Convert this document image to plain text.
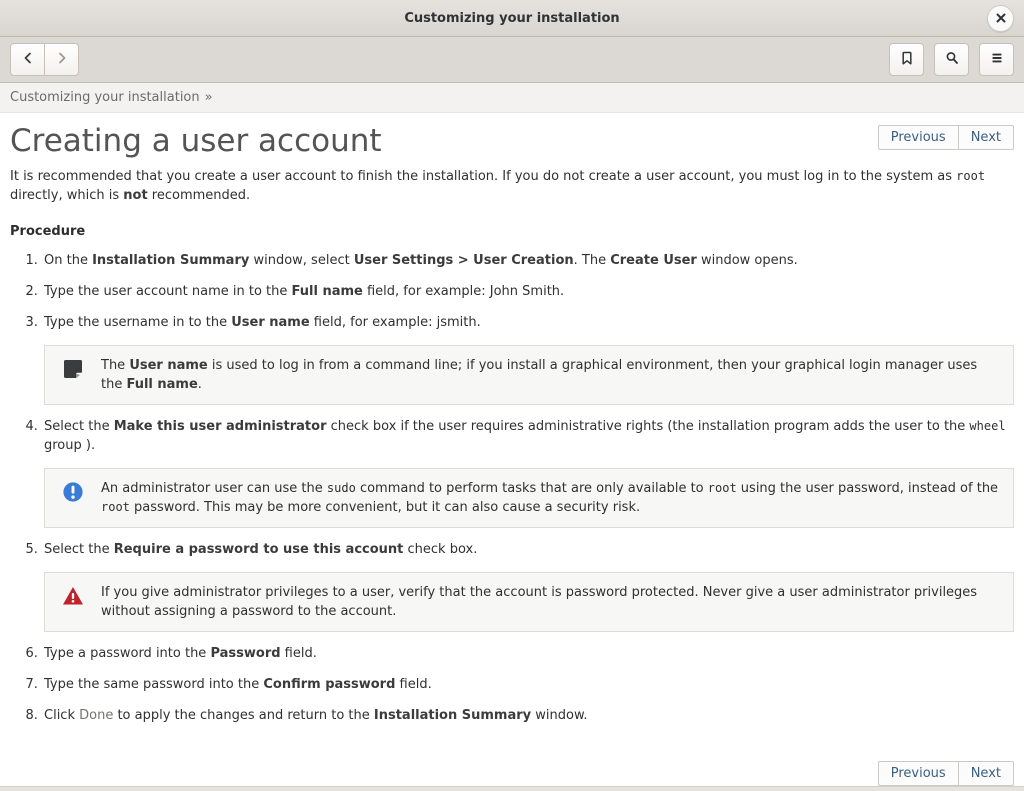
Customizing your installation
Customizing your installation »
Creating a user account	Previous	Next

It is recommended that you create a user account to finish the installation. If you do not create a user account, you must log in to the system as root directly, which is not recommended.

Procedure
1. On the Installation Summary window, select User Settings > User Creation. The Create User window opens.
2. Type the user account name in to the Full name field, for example: John Smith.
3. Type the username in to the User name field, for example: jsmith.
The User name is used to log in from a command line; if you install a graphical environment, then your graphical login manager uses the Full name.
4. Select the Make this user administrator check box if the user requires administrative rights (the installation program adds the user to the wheel group ).
An administrator user can use the sudo command to perform tasks that are only available to root using the user password, instead of the root password. This may be more convenient, but it can also cause a security risk.
5. Select the Require a password to use this account check box.
If you give administrator privileges to a user, verify that the account is password protected. Never give a user administrator privileges without assigning a password to the account.
6. Type a password into the Password field.
7. Type the same password into the Confirm password field.
8. Click Done to apply the changes and return to the Installation Summary window.
Previous	Next
